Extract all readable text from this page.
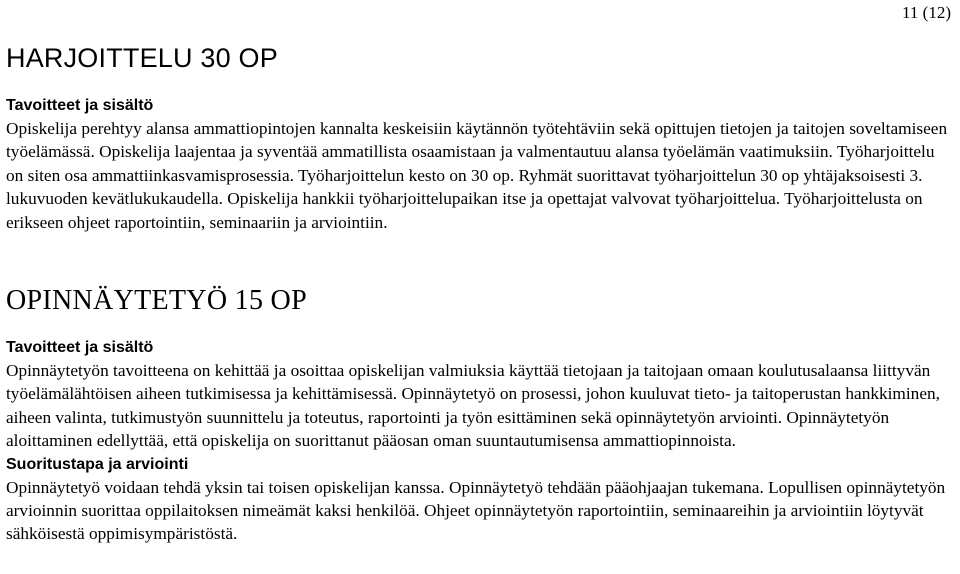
11 (12)
HARJOITTELU 30 OP
Tavoitteet ja sisältö

Opiskelija perehtyy alansa ammattiopintojen kannalta keskeisiin käytännön työtehtäviin sekä opittujen tietojen ja taitojen soveltamiseen työelämässä. Opiskelija laajentaa ja syventää ammatillista osaamistaan ja valmentautuu alansa työelämän vaatimuksiin. Työharjoittelu on siten osa ammattiinkasvamisprosessia. Työharjoittelun kesto on 30 op. Ryhmät suorittavat työharjoittelun 30 op yhtäjaksoisesti 3. lukuvuoden kevätlukukaudella. Opiskelija hankkii työharjoittelupaikan itse ja opettajat valvovat työharjoittelua. Työharjoittelusta on erikseen ohjeet raportointiin, seminaariin ja arviointiin.

OPINNÄYTETYÖ 15 OP
Tavoitteet ja sisältö

Opinnäytetyön tavoitteena on kehittää ja osoittaa opiskelijan valmiuksia käyttää tietojaan ja taitojaan omaan koulutusalaansa liittyvän työelämälähtöisen aiheen tutkimisessa ja kehittämisessä. Opinnäytetyö on prosessi, johon kuuluvat tieto- ja taitoperustan hankkiminen, aiheen valinta, tutkimustyön suunnittelu ja toteutus, raportointi ja työn esittäminen sekä opinnäytetyön arviointi. Opinnäytetyön aloittaminen edellyttää, että opiskelija on suorittanut pääosan oman suuntautumisensa ammattiopinnoista.

Suoritustapa ja arviointi

Opinnäytetyö voidaan tehdä yksin tai toisen opiskelijan kanssa. Opinnäytetyö tehdään pääohjaajan tukemana. Lopullisen opinnäytetyön arvioinnin suorittaa oppilaitoksen nimeämät kaksi henkilöä. Ohjeet opinnäytetyön raportointiin, seminaareihin ja arviointiin löytyvät sähköisestä oppimisympäristöstä.
